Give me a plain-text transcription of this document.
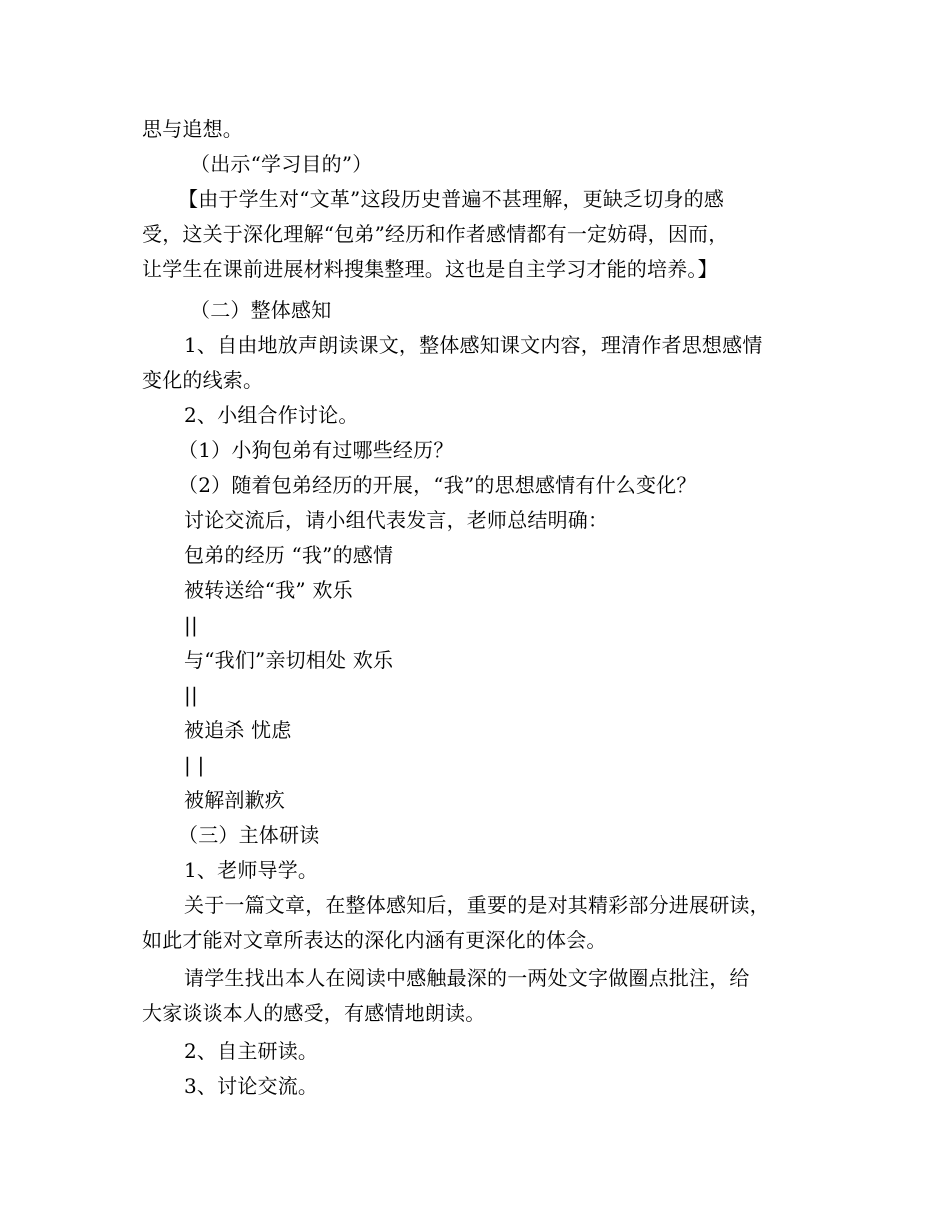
思与追想。
（出示“学习目的”）
【由于学生对“文革”这段历史普遍不甚理解，更缺乏切身的感
受，这关于深化理解“包弟”经历和作者感情都有一定妨碍，因而，
让学生在课前进展材料搜集整理。这也是自主学习才能的培养。】
（二）整体感知
1、自由地放声朗读课文，整体感知课文内容，理清作者思想感情
变化的线索。
2、小组合作讨论。
（1）小狗包弟有过哪些经历？
（2）随着包弟经历的开展，“我”的思想感情有什么变化？
讨论交流后，请小组代表发言，老师总结明确：
包弟的经历 “我”的感情
被转送给“我” 欢乐
||
与“我们”亲切相处 欢乐
||
被追杀 忧虑
| |
被解剖歉疚
（三）主体研读
1、老师导学。
关于一篇文章，在整体感知后，重要的是对其精彩部分进展研读，
如此才能对文章所表达的深化内涵有更深化的体会。
请学生找出本人在阅读中感触最深的一两处文字做圈点批注，给
大家谈谈本人的感受，有感情地朗读。
2、自主研读。
3、讨论交流。
